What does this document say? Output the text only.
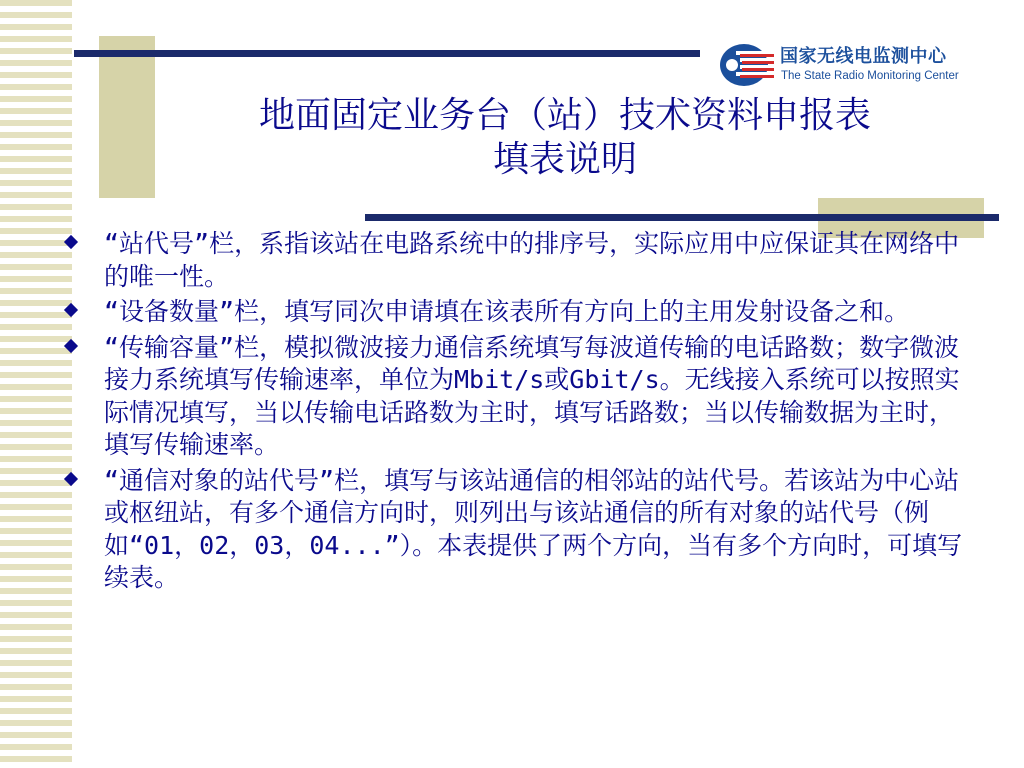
国家无线电监测中心
The State Radio Monitoring Center
地面固定业务台（站）技术资料申报表
填表说明
“站代号”栏，系指该站在电路系统中的排序号，实际应用中应保证其在网络中的唯一性。
“设备数量”栏，填写同次申请填在该表所有方向上的主用发射设备之和。
“传输容量”栏，模拟微波接力通信系统填写每波道传输的电话路数；数字微波接力系统填写传输速率，单位为Mbit/s或Gbit/s。无线接入系统可以按照实际情况填写，当以传输电话路数为主时，填写话路数；当以传输数据为主时，填写传输速率。
“通信对象的站代号”栏，填写与该站通信的相邻站的站代号。若该站为中心站或枢纽站，有多个通信方向时，则列出与该站通信的所有对象的站代号（例如“01，02，03，04...”）。本表提供了两个方向，当有多个方向时，可填写续表。
